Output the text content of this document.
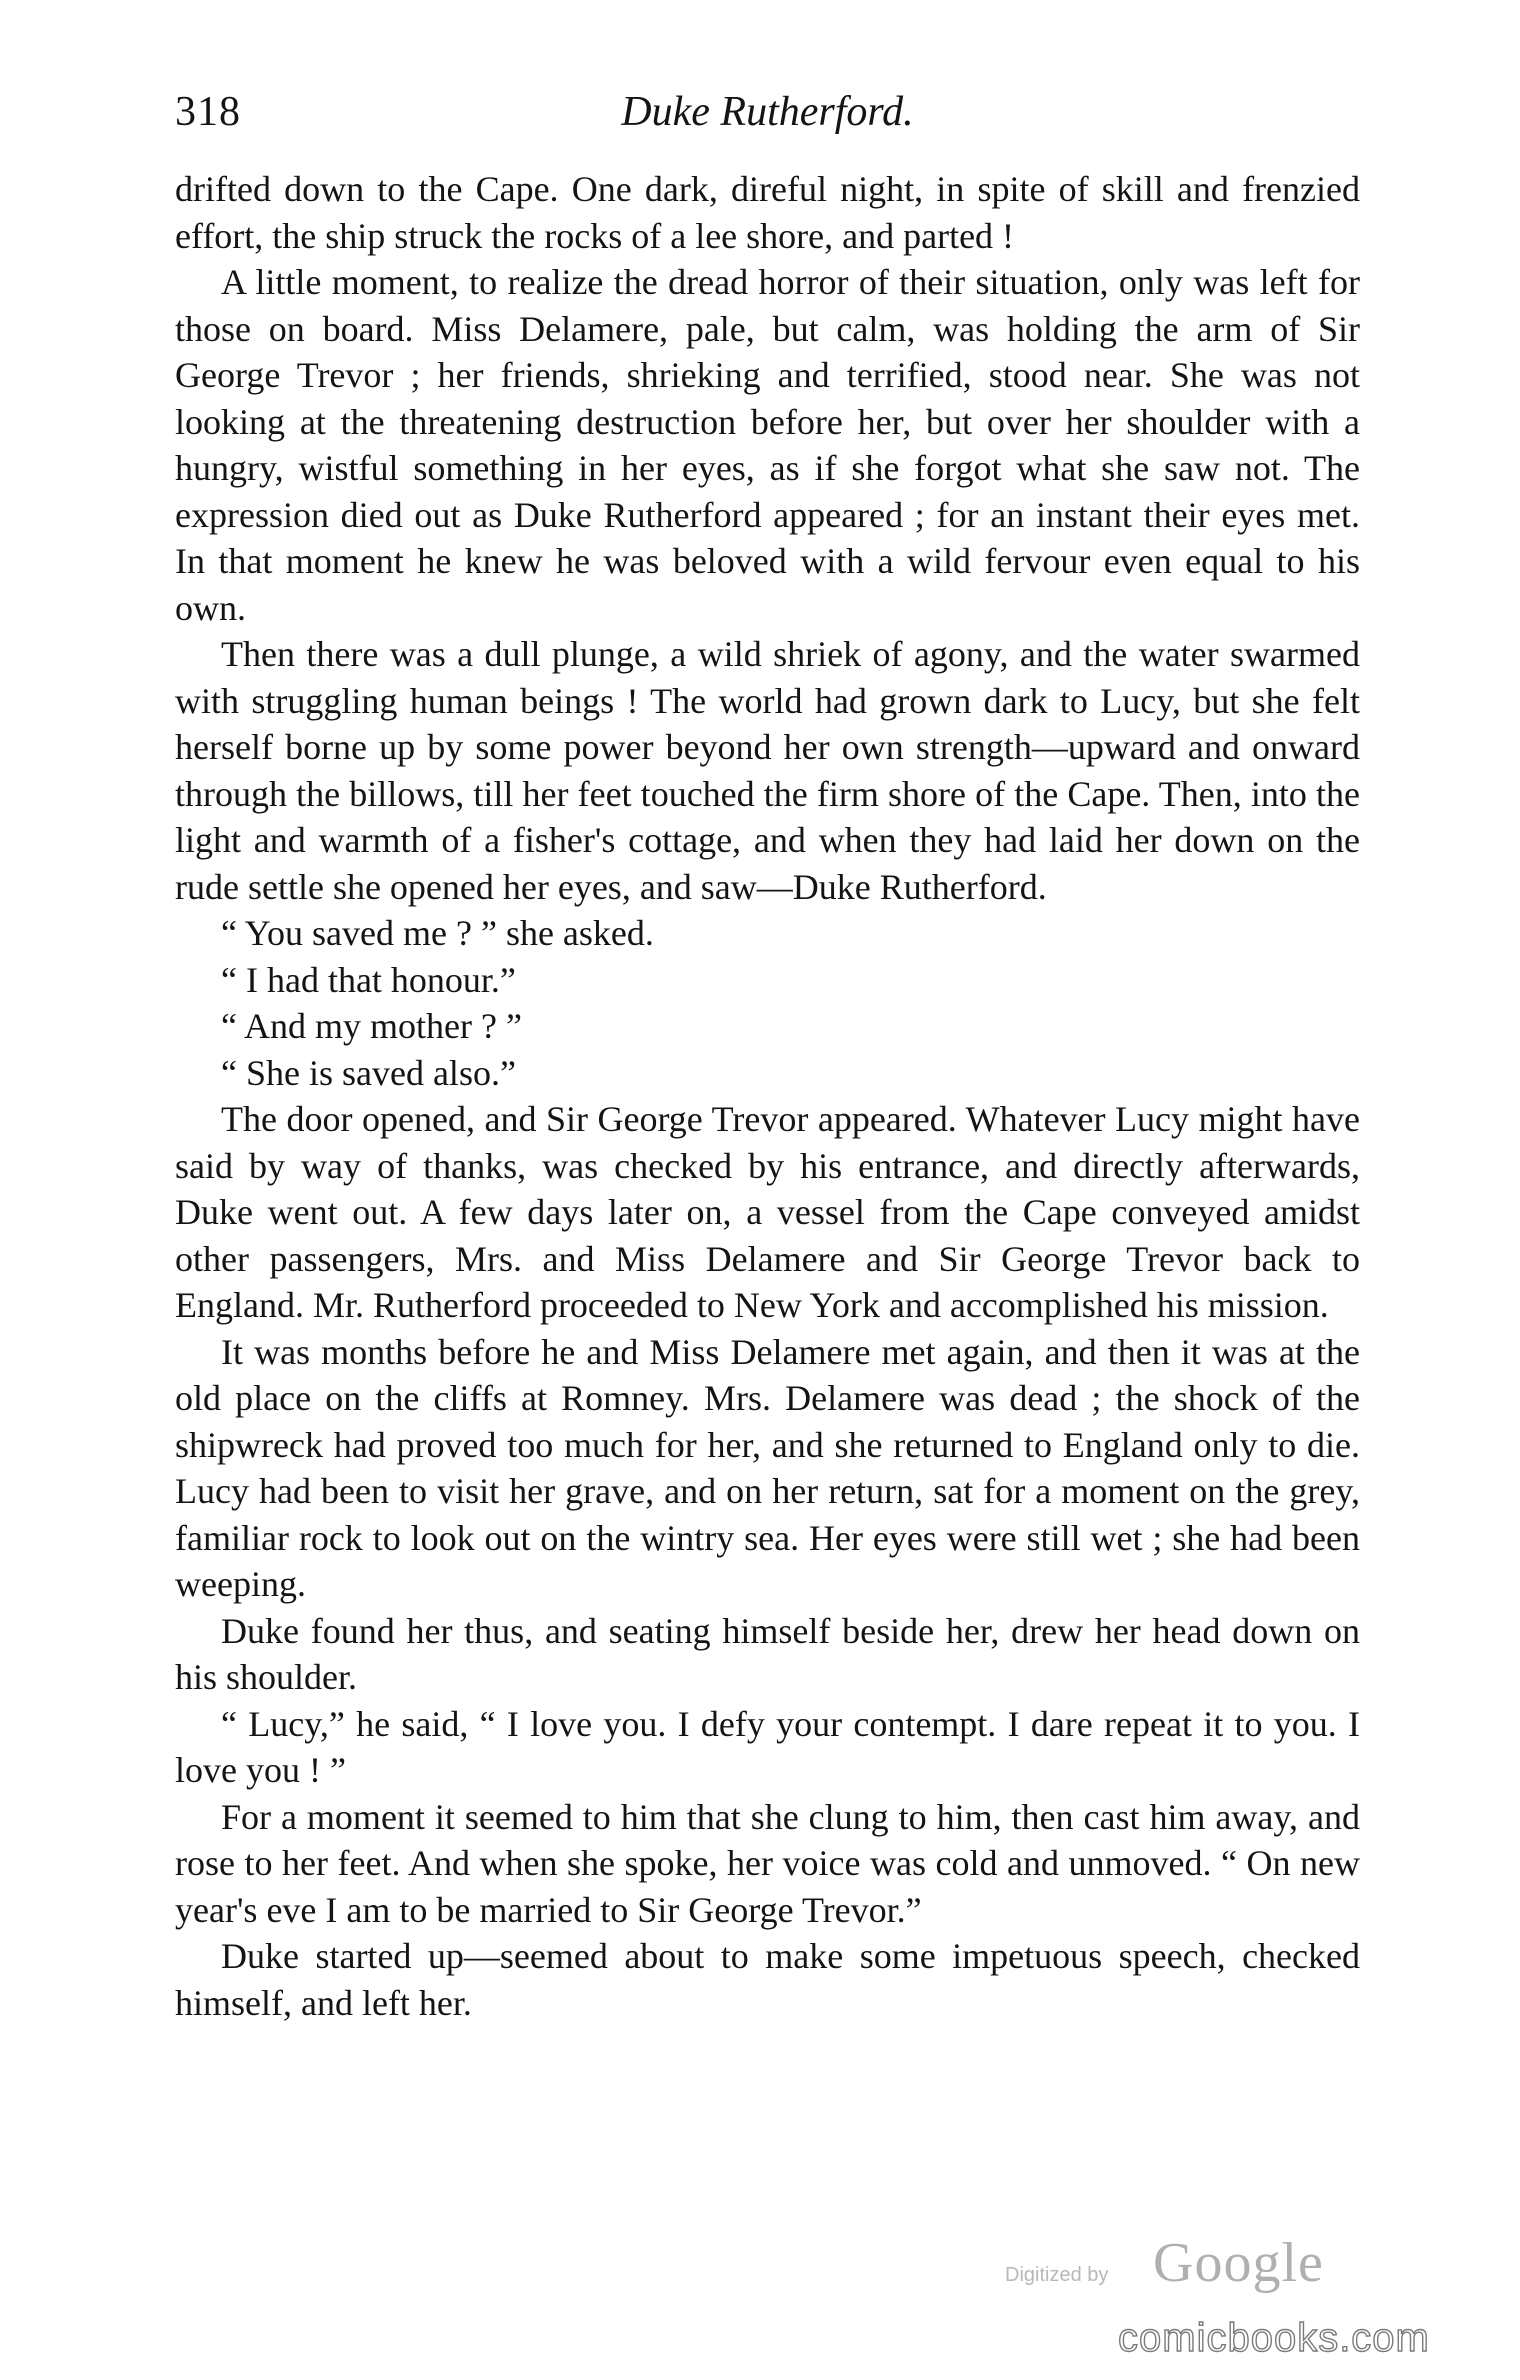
318	Duke Rutherford.

drifted down to the Cape. One dark, direful night, in spite of skill and frenzied effort, the ship struck the rocks of a lee shore, and parted !

A little moment, to realize the dread horror of their situation, only was left for those on board. Miss Delamere, pale, but calm, was holding the arm of Sir George Trevor ; her friends, shrieking and terrified, stood near. She was not looking at the threatening destruction before her, but over her shoulder with a hungry, wistful something in her eyes, as if she forgot what she saw not. The expression died out as Duke Rutherford appeared ; for an instant their eyes met. In that moment he knew he was beloved with a wild fervour even equal to his own.

Then there was a dull plunge, a wild shriek of agony, and the water swarmed with struggling human beings ! The world had grown dark to Lucy, but she felt herself borne up by some power beyond her own strength—upward and onward through the billows, till her feet touched the firm shore of the Cape. Then, into the light and warmth of a fisher's cottage, and when they had laid her down on the rude settle she opened her eyes, and saw—Duke Rutherford.

“ You saved me ? ” she asked.

“ I had that honour.”

“ And my mother ? ”

“ She is saved also.”

The door opened, and Sir George Trevor appeared. Whatever Lucy might have said by way of thanks, was checked by his entrance, and directly afterwards, Duke went out. A few days later on, a vessel from the Cape conveyed amidst other passengers, Mrs. and Miss Delamere and Sir George Trevor back to England. Mr. Rutherford proceeded to New York and accomplished his mission.

It was months before he and Miss Delamere met again, and then it was at the old place on the cliffs at Romney. Mrs. Delamere was dead ; the shock of the shipwreck had proved too much for her, and she returned to England only to die. Lucy had been to visit her grave, and on her return, sat for a moment on the grey, familiar rock to look out on the wintry sea. Her eyes were still wet ; she had been weeping.

Duke found her thus, and seating himself beside her, drew her head down on his shoulder.

“ Lucy,” he said, “ I love you. I defy your contempt. I dare repeat it to you. I love you ! ”

For a moment it seemed to him that she clung to him, then cast him away, and rose to her feet. And when she spoke, her voice was cold and unmoved. “ On new year's eve I am to be married to Sir George Trevor.”

Duke started up—seemed about to make some impetuous speech, checked himself, and left her.

Digitized by Google
comicbooks.com
